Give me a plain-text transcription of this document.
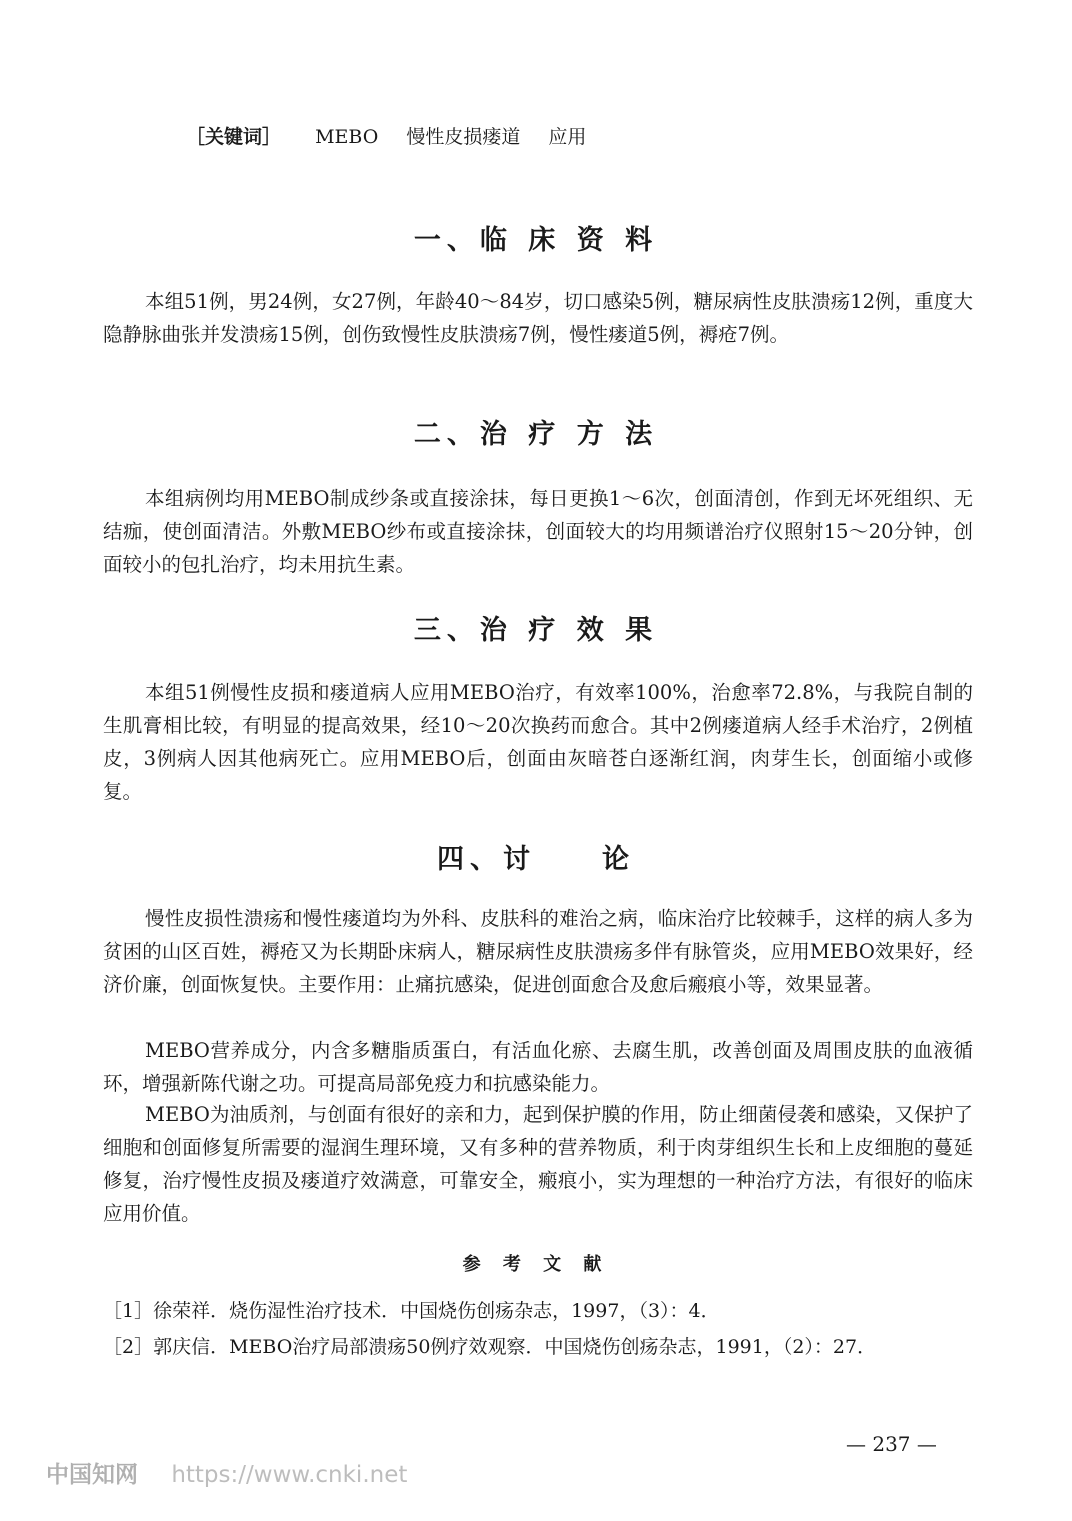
［关键词］ MEBO 慢性皮损瘘道 应用
一、临 床 资 料

本组51例，男24例，女27例，年龄40～84岁，切口感染5例，糖尿病性皮肤溃疡12例，重度大隐静脉曲张并发溃疡15例，创伤致慢性皮肤溃疡7例，慢性瘘道5例，褥疮7例。

二、治 疗 方 法

本组病例均用MEBO制成纱条或直接涂抹，每日更换1～6次，创面清创，作到无坏死组织、无结痂，使创面清洁。外敷MEBO纱布或直接涂抹，创面较大的均用频谱治疗仪照射15～20分钟，创面较小的包扎治疗，均未用抗生素。

三、治 疗 效 果

本组51例慢性皮损和瘘道病人应用MEBO治疗，有效率100%，治愈率72.8%，与我院自制的生肌膏相比较，有明显的提高效果，经10～20次换药而愈合。其中2例瘘道病人经手术治疗，2例植皮，3例病人因其他病死亡。应用MEBO后，创面由灰暗苍白逐渐红润，肉芽生长，创面缩小或修复。

四、讨　　论

慢性皮损性溃疡和慢性瘘道均为外科、皮肤科的难治之病，临床治疗比较棘手，这样的病人多为贫困的山区百姓，褥疮又为长期卧床病人，糖尿病性皮肤溃疡多伴有脉管炎，应用MEBO效果好，经济价廉，创面恢复快。主要作用：止痛抗感染，促进创面愈合及愈后瘢痕小等，效果显著。

MEBO营养成分，内含多糖脂质蛋白，有活血化瘀、去腐生肌，改善创面及周围皮肤的血液循环，增强新陈代谢之功。可提高局部免疫力和抗感染能力。

MEBO为油质剂，与创面有很好的亲和力，起到保护膜的作用，防止细菌侵袭和感染，又保护了细胞和创面修复所需要的湿润生理环境，又有多种的营养物质，利于肉芽组织生长和上皮细胞的蔓延修复，治疗慢性皮损及瘘道疗效满意，可靠安全，瘢痕小，实为理想的一种治疗方法，有很好的临床应用价值。

参 考 文 献
［1］徐荣祥．烧伤湿性治疗技术．中国烧伤创疡杂志，1997，（3）：4．
［2］郭庆信．MEBO治疗局部溃疡50例疗效观察．中国烧伤创疡杂志，1991，（2）：27．
— 237 —
中国知网 https://www.cnki.net
